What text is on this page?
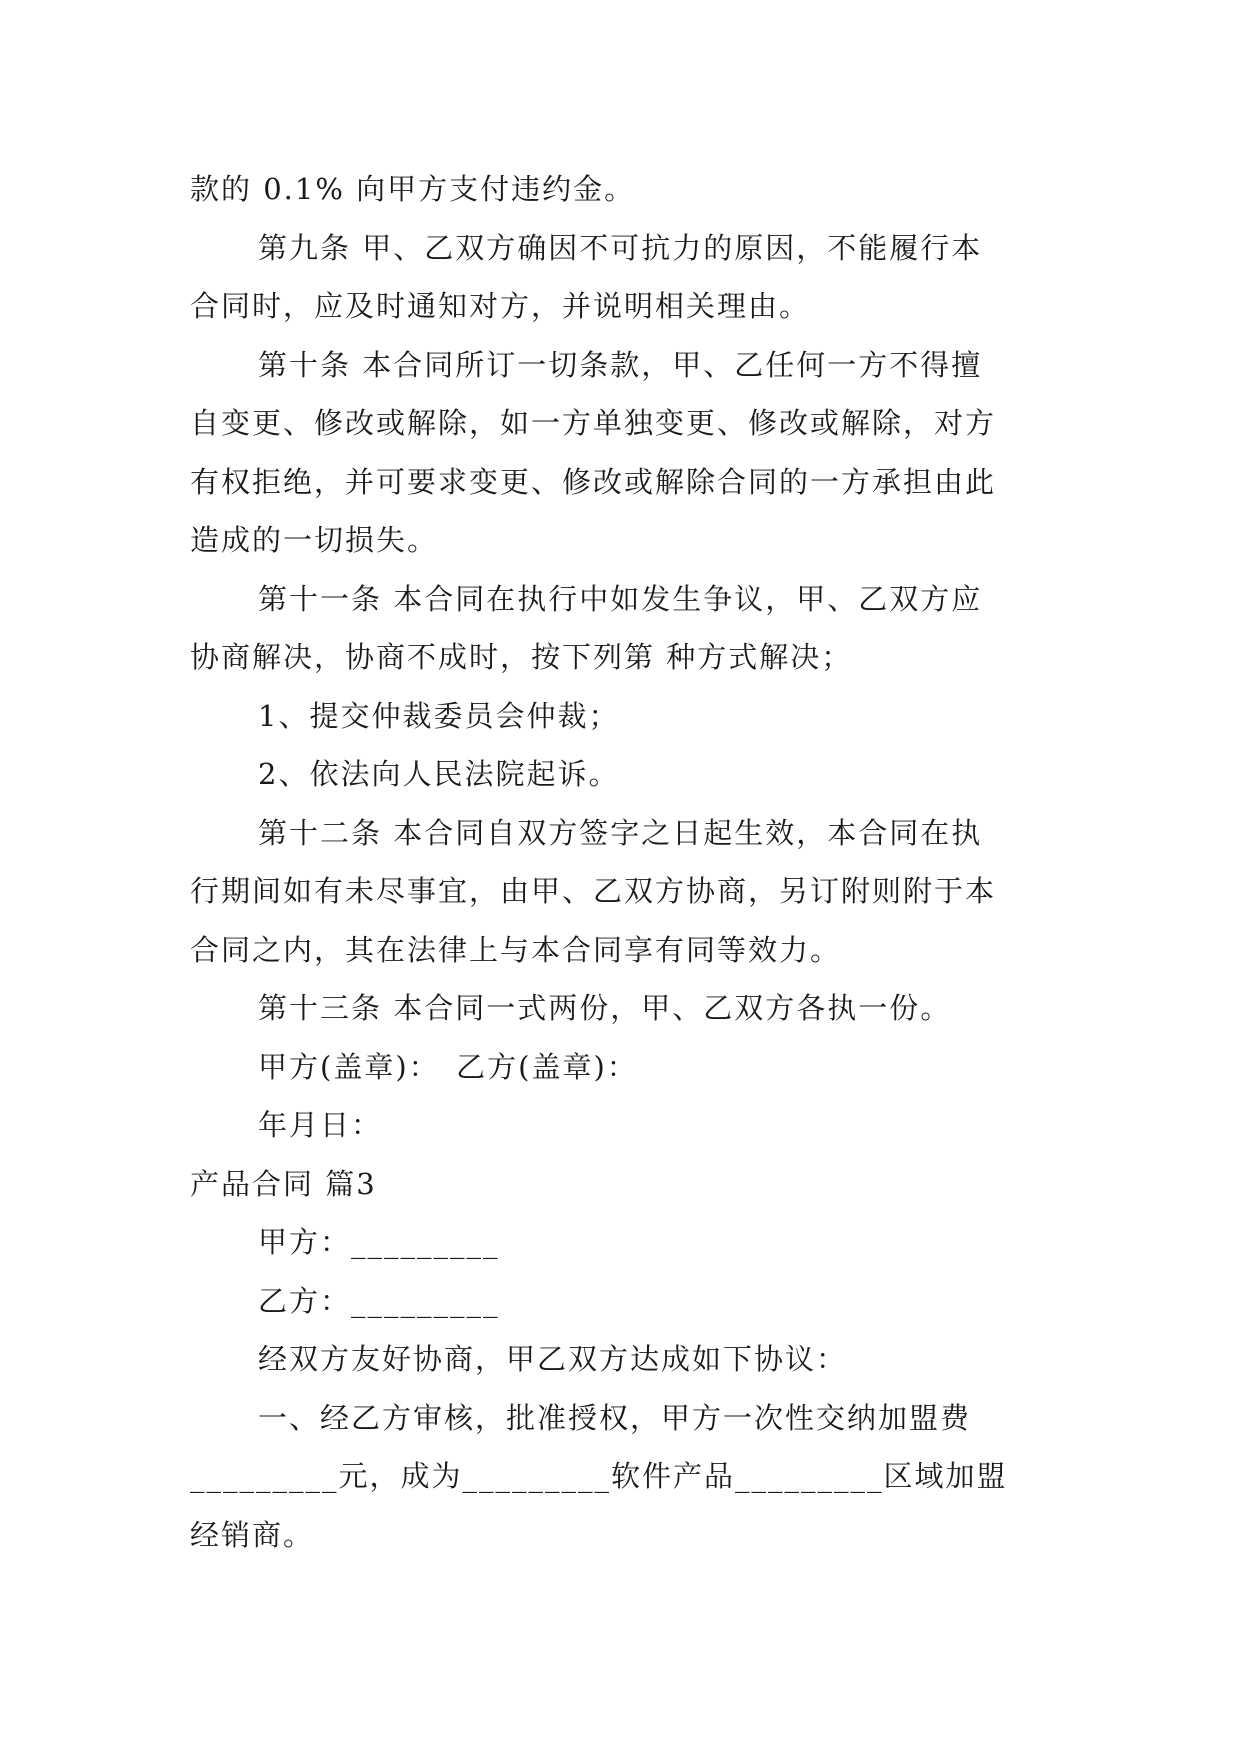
款的 0.1% 向甲方支付违约金。

第九条 甲、乙双方确因不可抗力的原因，不能履行本

合同时，应及时通知对方，并说明相关理由。

第十条 本合同所订一切条款，甲、乙任何一方不得擅

自变更、修改或解除，如一方单独变更、修改或解除，对方

有权拒绝，并可要求变更、修改或解除合同的一方承担由此

造成的一切损失。

第十一条 本合同在执行中如发生争议，甲、乙双方应

协商解决，协商不成时，按下列第 种方式解决；

1、提交仲裁委员会仲裁；

2、依法向人民法院起诉。

第十二条 本合同自双方签字之日起生效，本合同在执

行期间如有未尽事宜，由甲、乙双方协商，另订附则附于本

合同之内，其在法律上与本合同享有同等效力。

第十三条 本合同一式两份，甲、乙双方各执一份。

甲方(盖章)：　乙方(盖章)：

年月日：

产品合同 篇3

甲方：_________

乙方：_________

经双方友好协商，甲乙双方达成如下协议：

一、经乙方审核，批准授权，甲方一次性交纳加盟费

_________元，成为_________软件产品_________区域加盟

经销商。
